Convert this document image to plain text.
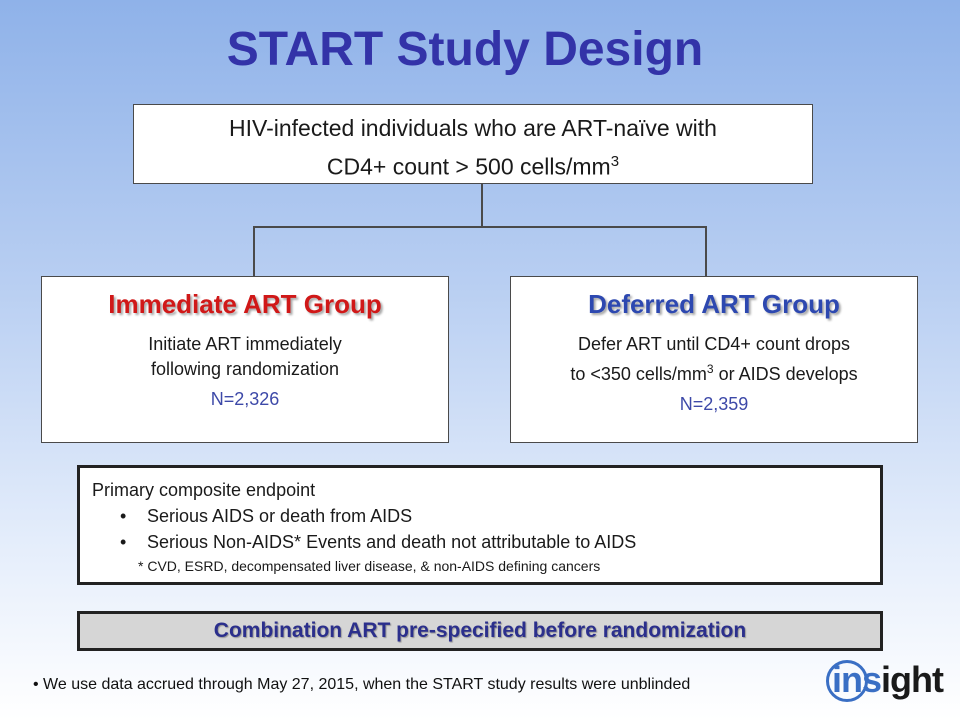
START Study Design
HIV-infected individuals who are ART-naïve with
CD4+ count > 500 cells/$mm^3$
Immediate ART Group
Initiate ART immediately
following randomization
N=2,326
Deferred ART Group
Defer ART until CD4+ count drops
to <350 cells/$mm^3$ or AIDS develops
N=2,359
Primary composite endpoint
• Serious AIDS or death from AIDS
• Serious Non-AIDS* Events and death not attributable to AIDS
* CVD, ESRD, decompensated liver disease, & non-AIDS defining cancers
Combination ART pre-specified before randomization
• We use data accrued through May 27, 2015, when the START study results were unblinded	insight
